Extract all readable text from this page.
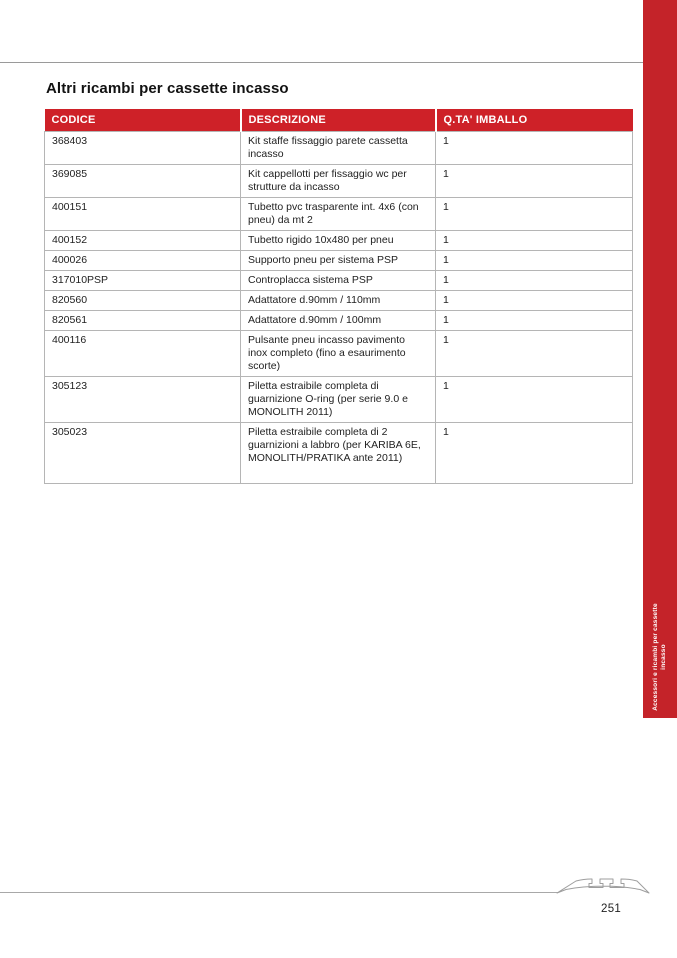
Accessori e ricambi per cassette incasso
Altri ricambi per cassette incasso
CODICE	DESCRIZIONE	Q.TA' IMBALLO
368403	Kit staffe fissaggio parete cassetta incasso	1
369085	Kit cappellotti per fissaggio wc per strutture da incasso	1
400151	Tubetto pvc trasparente int. 4x6 (con pneu) da mt 2	1
400152	Tubetto rigido 10x480 per pneu	1
400026	Supporto pneu per sistema PSP	1
317010PSP	Controplacca sistema PSP	1
820560	Adattatore d.90mm / 110mm	1
820561	Adattatore d.90mm / 100mm	1
400116	Pulsante pneu incasso pavimento inox completo (fino a esaurimento scorte)	1
305123	Piletta estraibile completa di guarnizione O-ring (per serie 9.0 e MONOLITH 2011)	1
305023	Piletta estraibile completa di 2 guarnizioni a labbro (per KARIBA 6E, MONOLITH/PRATIKA ante 2011)	1
251
